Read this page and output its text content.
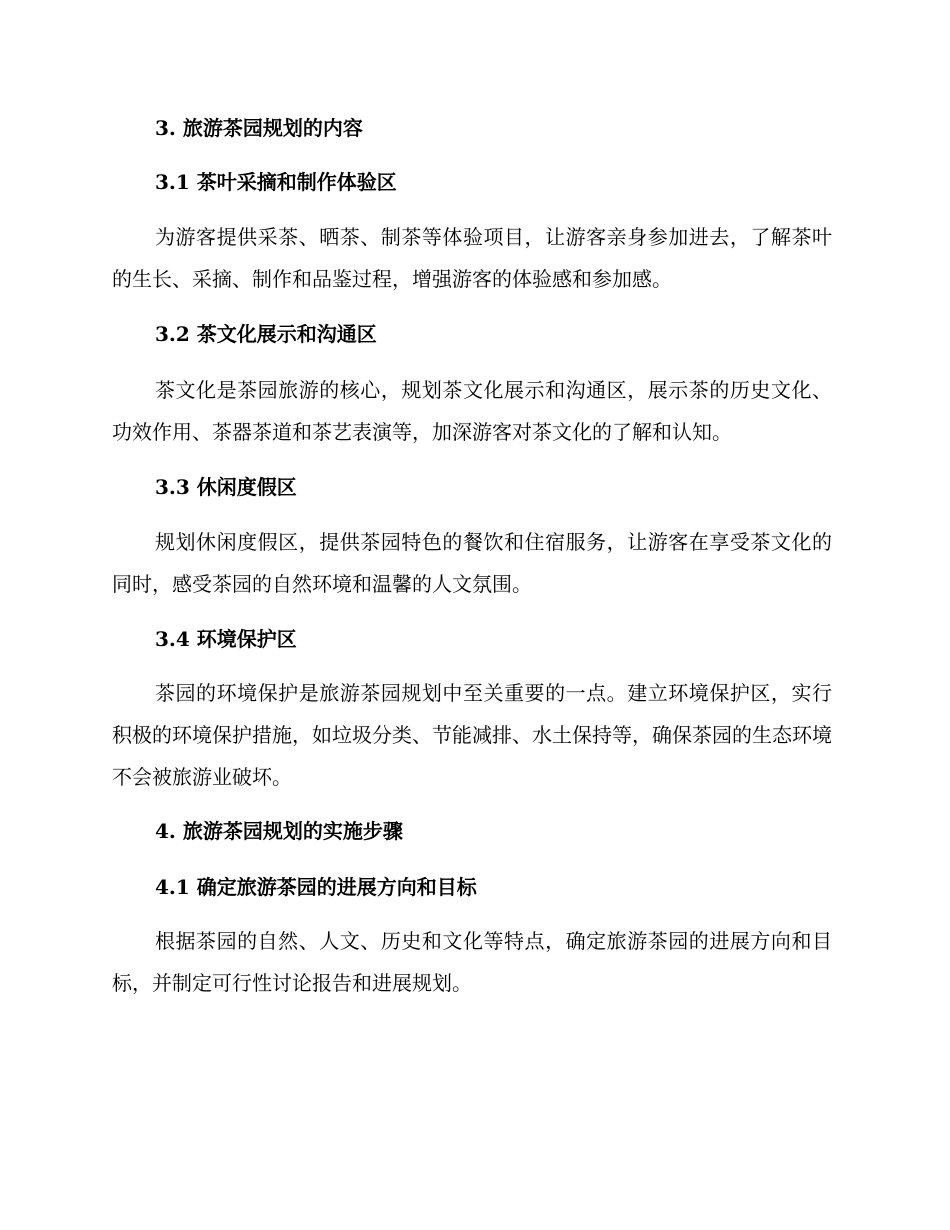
3. 旅游茶园规划的内容
3.1 茶叶采摘和制作体验区

为游客提供采茶、晒茶、制茶等体验项目，让游客亲身参加进去，了解茶叶的生长、采摘、制作和品鉴过程，增强游客的体验感和参加感。

3.2 茶文化展示和沟通区

茶文化是茶园旅游的核心，规划茶文化展示和沟通区，展示茶的历史文化、功效作用、茶器茶道和茶艺表演等，加深游客对茶文化的了解和认知。

3.3 休闲度假区

规划休闲度假区，提供茶园特色的餐饮和住宿服务，让游客在享受茶文化的同时，感受茶园的自然环境和温馨的人文氛围。

3.4 环境保护区

茶园的环境保护是旅游茶园规划中至关重要的一点。建立环境保护区，实行积极的环境保护措施，如垃圾分类、节能减排、水土保持等，确保茶园的生态环境不会被旅游业破坏。

4. 旅游茶园规划的实施步骤
4.1 确定旅游茶园的进展方向和目标

根据茶园的自然、人文、历史和文化等特点，确定旅游茶园的进展方向和目标，并制定可行性讨论报告和进展规划。
